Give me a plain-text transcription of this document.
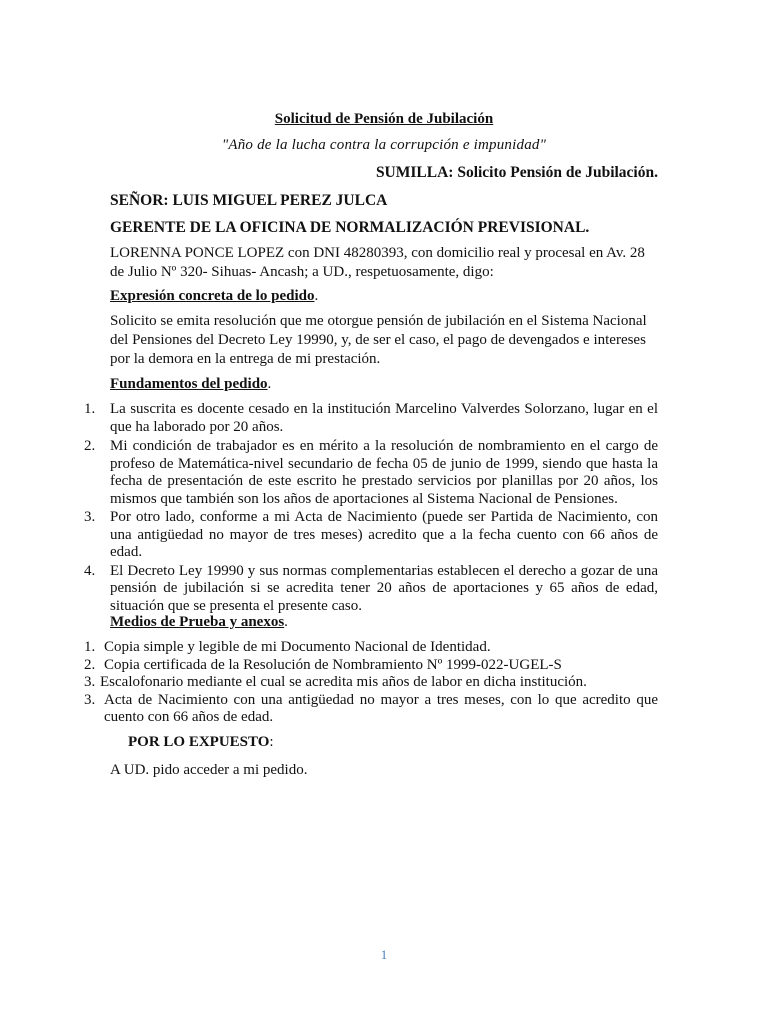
Solicitud de Pensión de Jubilación
"Año de la lucha contra la corrupción e impunidad"
SUMILLA: Solicito Pensión de Jubilación.
SEÑOR: LUIS MIGUEL PEREZ JULCA
GERENTE DE LA OFICINA DE NORMALIZACIÓN PREVISIONAL.
LORENNA PONCE LOPEZ con DNI 48280393, con domicilio real y procesal en Av. 28 de Julio Nº 320- Sihuas- Ancash; a UD., respetuosamente, digo:
Expresión concreta de lo pedido.
Solicito se emita resolución que me otorgue pensión de jubilación en el Sistema Nacional del Pensiones del Decreto Ley 19990, y, de ser el caso, el pago de devengados e intereses por la demora en la entrega de mi prestación.
Fundamentos del pedido.
1. La suscrita es docente cesado en la institución Marcelino Valverdes Solorzano, lugar en el que ha laborado por 20 años.
2. Mi condición de trabajador es en mérito a la resolución de nombramiento en el cargo de profeso de Matemática-nivel secundario de fecha 05 de junio de 1999, siendo que hasta la fecha de presentación de este escrito he prestado servicios por planillas por 20 años, los mismos que también son los años de aportaciones al Sistema Nacional de Pensiones.
3. Por otro lado, conforme a mi Acta de Nacimiento (puede ser Partida de Nacimiento, con una antigüedad no mayor de tres meses) acredito que a la fecha cuento con 66 años de edad.
4. El Decreto Ley 19990 y sus normas complementarias establecen el derecho a gozar de una pensión de jubilación si se acredita tener 20 años de aportaciones y 65 años de edad, situación que se presenta el presente caso.
Medios de Prueba y anexos.
1. Copia simple y legible de mi Documento Nacional de Identidad.
2. Copia certificada de la Resolución de Nombramiento Nº 1999-022-UGEL-S
3. Escalofonario mediante el cual se acredita mis años de labor en dicha institución.
3. Acta de Nacimiento con una antigüedad no mayor a tres meses, con lo que acredito que cuento con 66 años de edad.
POR LO EXPUESTO:
A UD. pido acceder a mi pedido.
1
